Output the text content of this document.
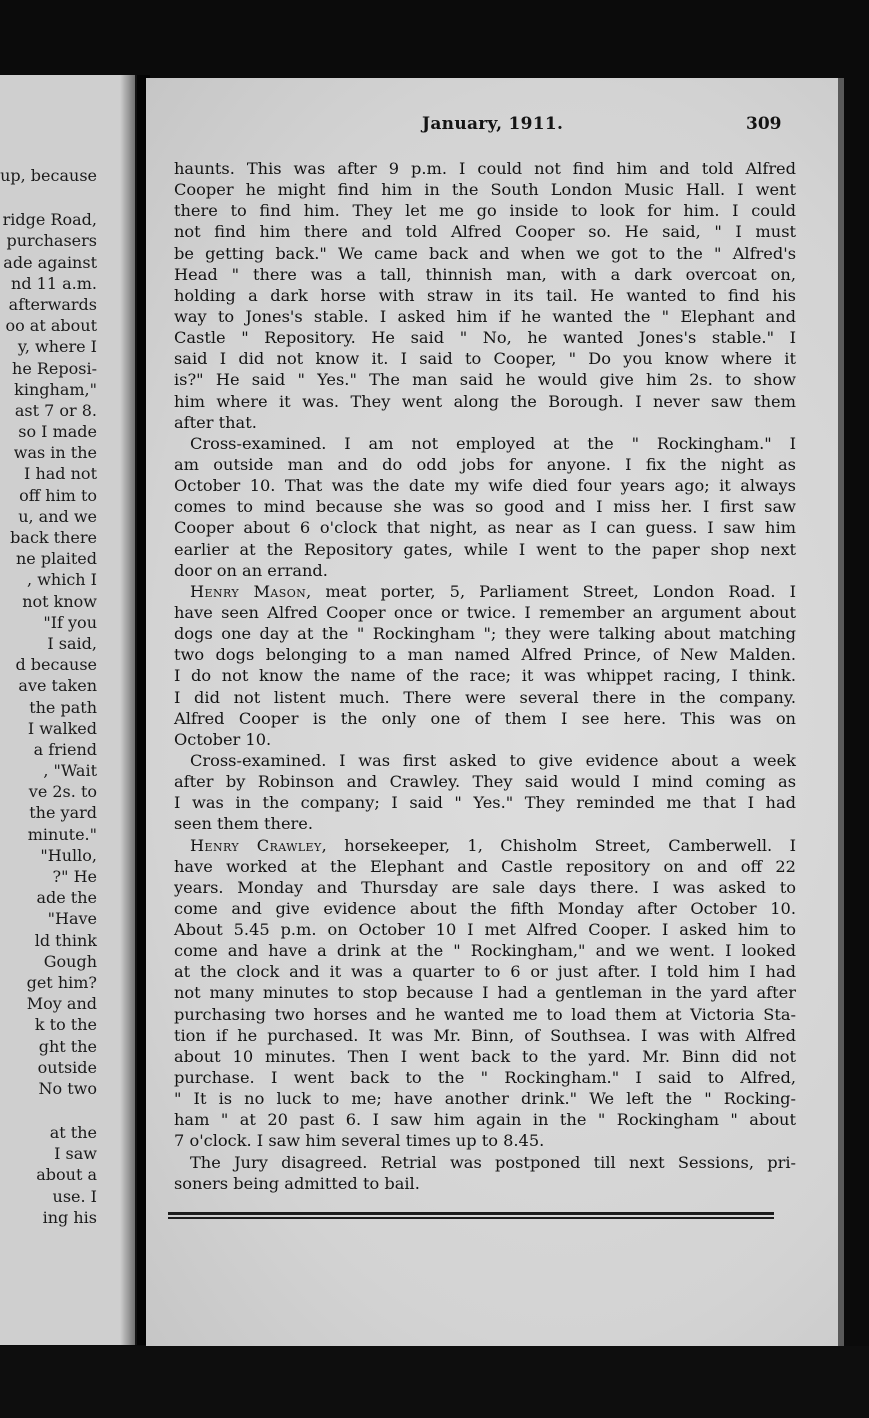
up, because
ridge Road,
purchasers
ade against
nd 11 a.m.
afterwards
oo at about
y, where I
he Reposi-
kingham,"
ast 7 or 8.
so I made
was in the
I had not
off him to
u, and we
back there
ne plaited
, which I
not know
"If you
I said,
d because
ave taken
the path
I walked
a friend
, "Wait
ve 2s. to
the yard
minute."
"Hullo,
?" He
ade the
"Have
ld think
Gough
get him?
Moy and
k to the
ght the
outside
No two
at the
I saw
about a
use. I
ing his
January, 1911.	309
haunts. This was after 9 p.m. I could not find him and told Alfred
Cooper he might find him in the South London Music Hall. I went
there to find him. They let me go inside to look for him. I could
not find him there and told Alfred Cooper so. He said, " I must
be getting back." We came back and when we got to the " Alfred's
Head " there was a tall, thinnish man, with a dark overcoat on,
holding a dark horse with straw in its tail. He wanted to find his
way to Jones's stable. I asked him if he wanted the " Elephant and
Castle " Repository. He said " No, he wanted Jones's stable." I
said I did not know it. I said to Cooper, " Do you know where it
is?" He said " Yes." The man said he would give him 2s. to show
him where it was. They went along the Borough. I never saw them
after that.
Cross-examined. I am not employed at the " Rockingham." I
am outside man and do odd jobs for anyone. I fix the night as
October 10. That was the date my wife died four years ago; it always
comes to mind because she was so good and I miss her. I first saw
Cooper about 6 o'clock that night, as near as I can guess. I saw him
earlier at the Repository gates, while I went to the paper shop next
door on an errand.
Henry Mason, meat porter, 5, Parliament Street, London Road. I
have seen Alfred Cooper once or twice. I remember an argument about
dogs one day at the " Rockingham "; they were talking about matching
two dogs belonging to a man named Alfred Prince, of New Malden.
I do not know the name of the race; it was whippet racing, I think.
I did not listent much. There were several there in the company.
Alfred Cooper is the only one of them I see here. This was on
October 10.
Cross-examined. I was first asked to give evidence about a week
after by Robinson and Crawley. They said would I mind coming as
I was in the company; I said " Yes." They reminded me that I had
seen them there.
Henry Crawley, horsekeeper, 1, Chisholm Street, Camberwell. I
have worked at the Elephant and Castle repository on and off 22
years. Monday and Thursday are sale days there. I was asked to
come and give evidence about the fifth Monday after October 10.
About 5.45 p.m. on October 10 I met Alfred Cooper. I asked him to
come and have a drink at the " Rockingham," and we went. I looked
at the clock and it was a quarter to 6 or just after. I told him I had
not many minutes to stop because I had a gentleman in the yard after
purchasing two horses and he wanted me to load them at Victoria Sta-
tion if he purchased. It was Mr. Binn, of Southsea. I was with Alfred
about 10 minutes. Then I went back to the yard. Mr. Binn did not
purchase. I went back to the " Rockingham." I said to Alfred,
" It is no luck to me; have another drink." We left the " Rocking-
ham " at 20 past 6. I saw him again in the " Rockingham " about
7 o'clock. I saw him several times up to 8.45.
The Jury disagreed. Retrial was postponed till next Sessions, pri-
soners being admitted to bail.
